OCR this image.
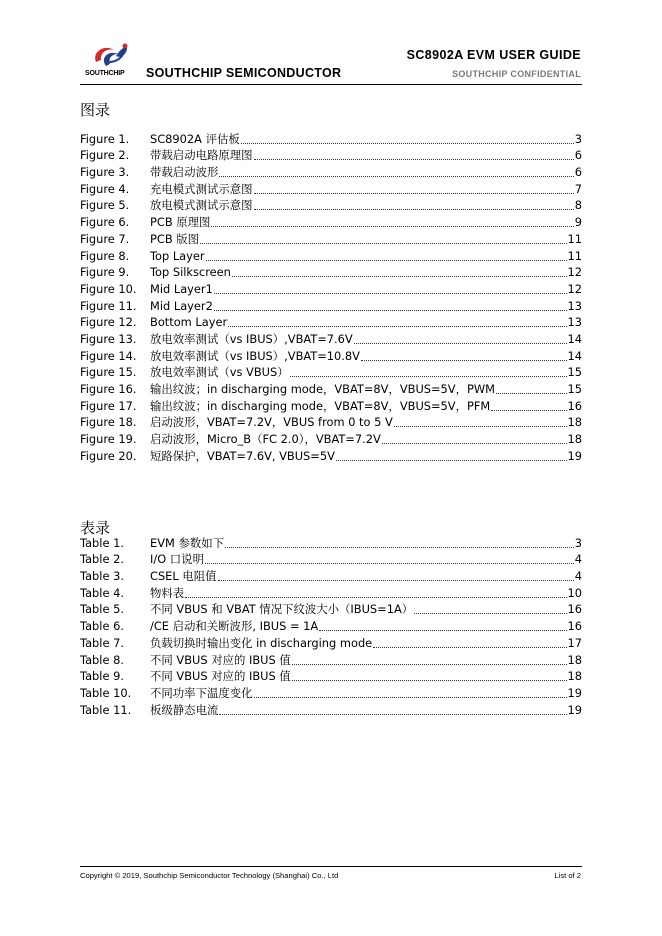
SOUTHCHIP SOUTHCHIP SEMICONDUCTOR
SC8902A EVM USER GUIDE
SOUTHCHIP CONFIDENTIAL
图录
Figure 1.	SC8902A 评估板	3
Figure 2.	带载启动电路原理图	6
Figure 3.	带载启动波形	6
Figure 4.	充电模式测试示意图	7
Figure 5.	放电模式测试示意图	8
Figure 6.	PCB 原理图	9
Figure 7.	PCB 版图	11
Figure 8.	Top Layer	11
Figure 9.	Top Silkscreen	12
Figure 10.	Mid Layer1	12
Figure 11.	Mid Layer2	13
Figure 12.	Bottom Layer	13
Figure 13.	放电效率测试（vs IBUS）,VBAT=7.6V	14
Figure 14.	放电效率测试（vs IBUS）,VBAT=10.8V	14
Figure 15.	放电效率测试（vs VBUS）	15
Figure 16.	输出纹波；in discharging mode，VBAT=8V，VBUS=5V，PWM	15
Figure 17.	输出纹波；in discharging mode，VBAT=8V，VBUS=5V，PFM	16
Figure 18.	启动波形，VBAT=7.2V，VBUS from 0 to 5 V	18
Figure 19.	启动波形，Micro_B（FC 2.0），VBAT=7.2V	18
Figure 20.	短路保护，VBAT=7.6V, VBUS=5V	19
表录
Table 1.	EVM 参数如下	3
Table 2.	I/O 口说明	4
Table 3.	CSEL 电阻值	4
Table 4.	物料表	10
Table 5.	不同 VBUS 和 VBAT 情况下纹波大小（IBUS=1A）	16
Table 6.	/CE 启动和关断波形, IBUS = 1A	16
Table 7.	负载切换时输出变化 in discharging mode	17
Table 8.	不同 VBUS 对应的 IBUS 值	18
Table 9.	不同 VBUS 对应的 IBUS 值	18
Table 10.	不同功率下温度变化	19
Table 11.	板级静态电流	19
Copyright © 2019, Southchip Semiconductor Technology (Shanghai) Co., Ltd	List of 2
